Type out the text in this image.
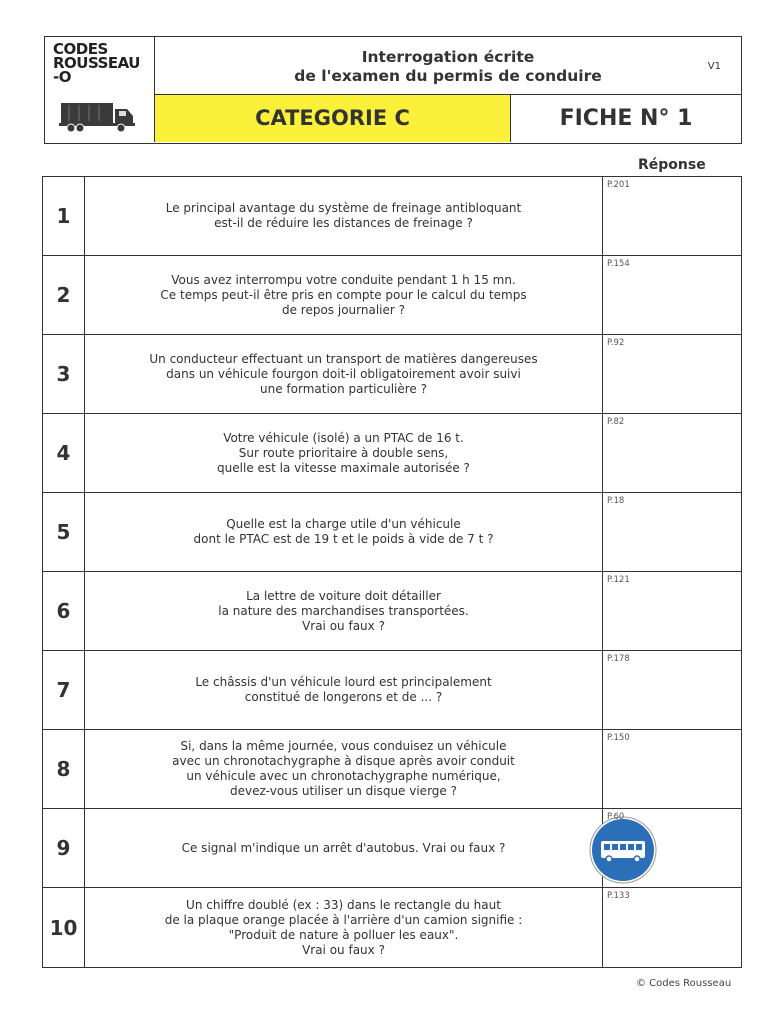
CODES
ROUSSEAU
-O
Interrogation écrite
de l'examen du permis de conduire
V1
CATEGORIE C	FICHE N° 1
Réponse
1	Le principal avantage du système de freinage antibloquant
est-il de réduire les distances de freinage ?
P.201
2
Vous avez interrompu votre conduite pendant 1 h 15 mn.
Ce temps peut-il être pris en compte pour le calcul du temps
de repos journalier ?
P.154
3
Un conducteur effectuant un transport de matières dangereuses
dans un véhicule fourgon doit-il obligatoirement avoir suivi
une formation particulière ?
P.92
4
Votre véhicule (isolé) a un PTAC de 16 t.
Sur route prioritaire à double sens,
quelle est la vitesse maximale autorisée ?
P.82
5	Quelle est la charge utile d'un véhicule
dont le PTAC est de 19 t et le poids à vide de 7 t ?
P.18
6
La lettre de voiture doit détailler
la nature des marchandises transportées.
Vrai ou faux ?
P.121
7	Le châssis d'un véhicule lourd est principalement
constitué de longerons et de ... ?
P.178
8
Si, dans la même journée, vous conduisez un véhicule
avec un chronotachygraphe à disque après avoir conduit
un véhicule avec un chronotachygraphe numérique,
devez-vous utiliser un disque vierge ?
P.150
9	Ce signal m'indique un arrêt d'autobus. Vrai ou faux ?
P.60
10
Un chiffre doublé (ex : 33) dans le rectangle du haut
de la plaque orange placée à l'arrière d'un camion signifie :
"Produit de nature à polluer les eaux".
Vrai ou faux ?
P.133
© Codes Rousseau
